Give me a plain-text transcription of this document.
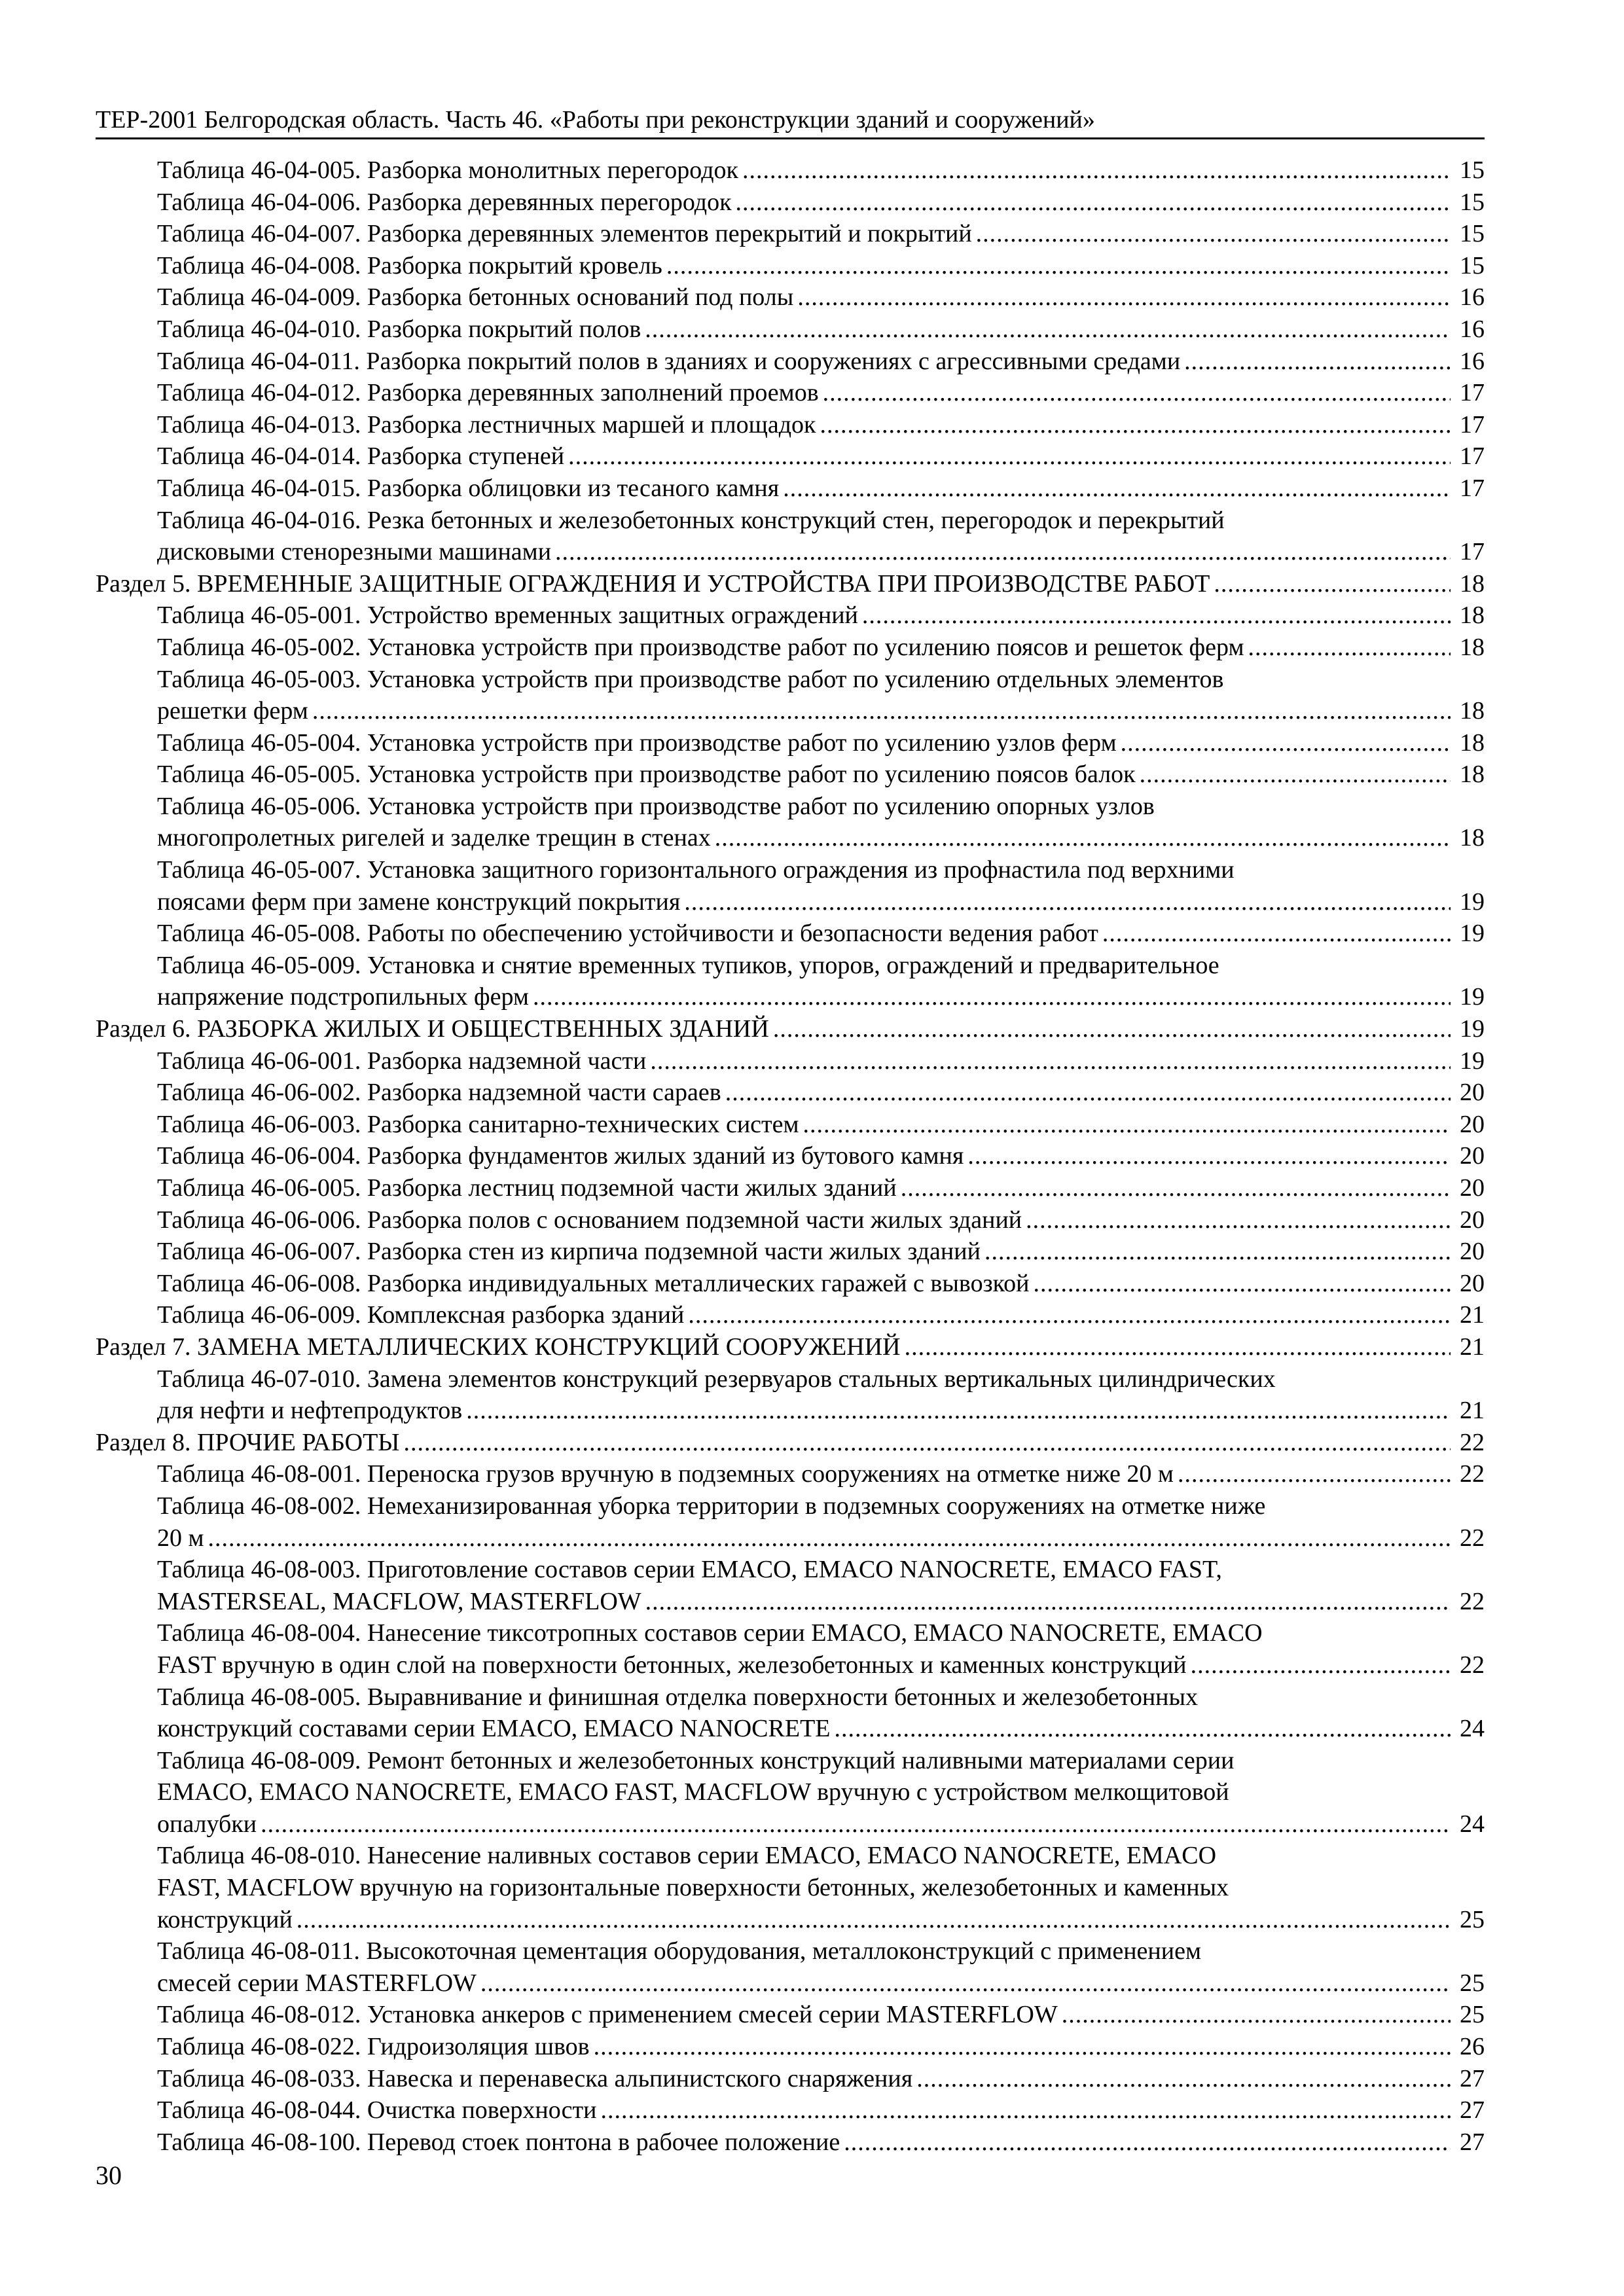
ТЕР-2001 Белгородская область. Часть 46. «Работы при реконструкции зданий и сооружений»
Таблица 46-04-005. Разборка монолитных перегородок .....	15
Таблица 46-04-006. Разборка деревянных перегородок .....	15
Таблица 46-04-007. Разборка деревянных элементов перекрытий и покрытий .....	15
Таблица 46-04-008. Разборка покрытий кровель .....	15
Таблица 46-04-009. Разборка бетонных оснований под полы .....	16
Таблица 46-04-010. Разборка покрытий полов .....	16
Таблица 46-04-011. Разборка покрытий полов в зданиях и сооружениях с агрессивными средами .....	16
Таблица 46-04-012. Разборка деревянных заполнений проемов .....	17
Таблица 46-04-013. Разборка лестничных маршей и площадок .....	17
Таблица 46-04-014. Разборка ступеней .....	17
Таблица 46-04-015. Разборка облицовки из тесаного камня .....	17
Таблица 46-04-016. Резка бетонных и железобетонных конструкций стен, перегородок и перекрытий
дисковыми стенорезными машинами .....	17
Раздел 5. ВРЕМЕННЫЕ ЗАЩИТНЫЕ ОГРАЖДЕНИЯ И УСТРОЙСТВА ПРИ ПРОИЗВОДСТВЕ РАБОТ .....	18
Таблица 46-05-001. Устройство временных защитных ограждений .....	18
Таблица 46-05-002. Установка устройств при производстве работ по усилению поясов и решеток ферм .....	18
Таблица 46-05-003. Установка устройств при производстве работ по усилению отдельных элементов
решетки ферм .....	18
Таблица 46-05-004. Установка устройств при производстве работ по усилению узлов ферм .....	18
Таблица 46-05-005. Установка устройств при производстве работ по усилению поясов балок .....	18
Таблица 46-05-006. Установка устройств при производстве работ по усилению опорных узлов
многопролетных ригелей и заделке трещин в стенах .....	18
Таблица 46-05-007. Установка защитного горизонтального ограждения из профнастила под верхними
поясами ферм при замене конструкций покрытия .....	19
Таблица 46-05-008. Работы по обеспечению устойчивости и безопасности ведения работ .....	19
Таблица 46-05-009. Установка и снятие временных тупиков, упоров, ограждений и предварительное
напряжение подстропильных ферм .....	19
Раздел 6. РАЗБОРКА ЖИЛЫХ И ОБЩЕСТВЕННЫХ ЗДАНИЙ .....	19
Таблица 46-06-001. Разборка надземной части .....	19
Таблица 46-06-002. Разборка надземной части сараев .....	20
Таблица 46-06-003. Разборка санитарно-технических систем .....	20
Таблица 46-06-004. Разборка фундаментов жилых зданий из бутового камня .....	20
Таблица 46-06-005. Разборка лестниц подземной части жилых зданий .....	20
Таблица 46-06-006. Разборка полов с основанием подземной части жилых зданий .....	20
Таблица 46-06-007. Разборка стен из кирпича подземной части жилых зданий .....	20
Таблица 46-06-008. Разборка индивидуальных металлических гаражей с вывозкой .....	20
Таблица 46-06-009. Комплексная разборка зданий .....	21
Раздел 7. ЗАМЕНА МЕТАЛЛИЧЕСКИХ КОНСТРУКЦИЙ СООРУЖЕНИЙ .....	21
Таблица 46-07-010. Замена элементов конструкций резервуаров стальных вертикальных цилиндрических
для нефти и нефтепродуктов .....	21
Раздел 8. ПРОЧИЕ РАБОТЫ .....	22
Таблица 46-08-001. Переноска грузов вручную в подземных сооружениях на отметке ниже 20 м .....	22
Таблица 46-08-002. Немеханизированная уборка территории в подземных сооружениях на отметке ниже
20 м .....	22
Таблица 46-08-003. Приготовление составов серии EMACO, EMACO NANOCRETE, EMACO FAST,
MASTERSEAL, MACFLOW, MASTERFLOW .....	22
Таблица 46-08-004. Нанесение тиксотропных составов серии EMACO, EMACO NANOCRETE, EMACO
FAST вручную в один слой на поверхности бетонных, железобетонных и каменных конструкций .....	22
Таблица 46-08-005. Выравнивание и финишная отделка поверхности бетонных и железобетонных
конструкций составами серии EMACO, EMACO NANOCRETE .....	24
Таблица 46-08-009. Ремонт бетонных и железобетонных конструкций наливными материалами серии
EMACO, EMACO NANOCRETE, EMACO FAST, MACFLOW вручную с устройством мелкощитовой
опалубки .....	24
Таблица 46-08-010. Нанесение наливных составов серии EMACO, EMACO NANOCRETE, EMACO
FAST, MACFLOW вручную на горизонтальные поверхности бетонных, железобетонных и каменных
конструкций .....	25
Таблица 46-08-011. Высокоточная цементация оборудования, металлоконструкций с применением
смесей серии MASTERFLOW .....	25
Таблица 46-08-012. Установка анкеров с применением смесей серии MASTERFLOW .....	25
Таблица 46-08-022. Гидроизоляция швов .....	26
Таблица 46-08-033. Навеска и перенавеска альпинистского снаряжения .....	27
Таблица 46-08-044. Очистка поверхности .....	27
Таблица 46-08-100. Перевод стоек понтона в рабочее положение .....	27
30
